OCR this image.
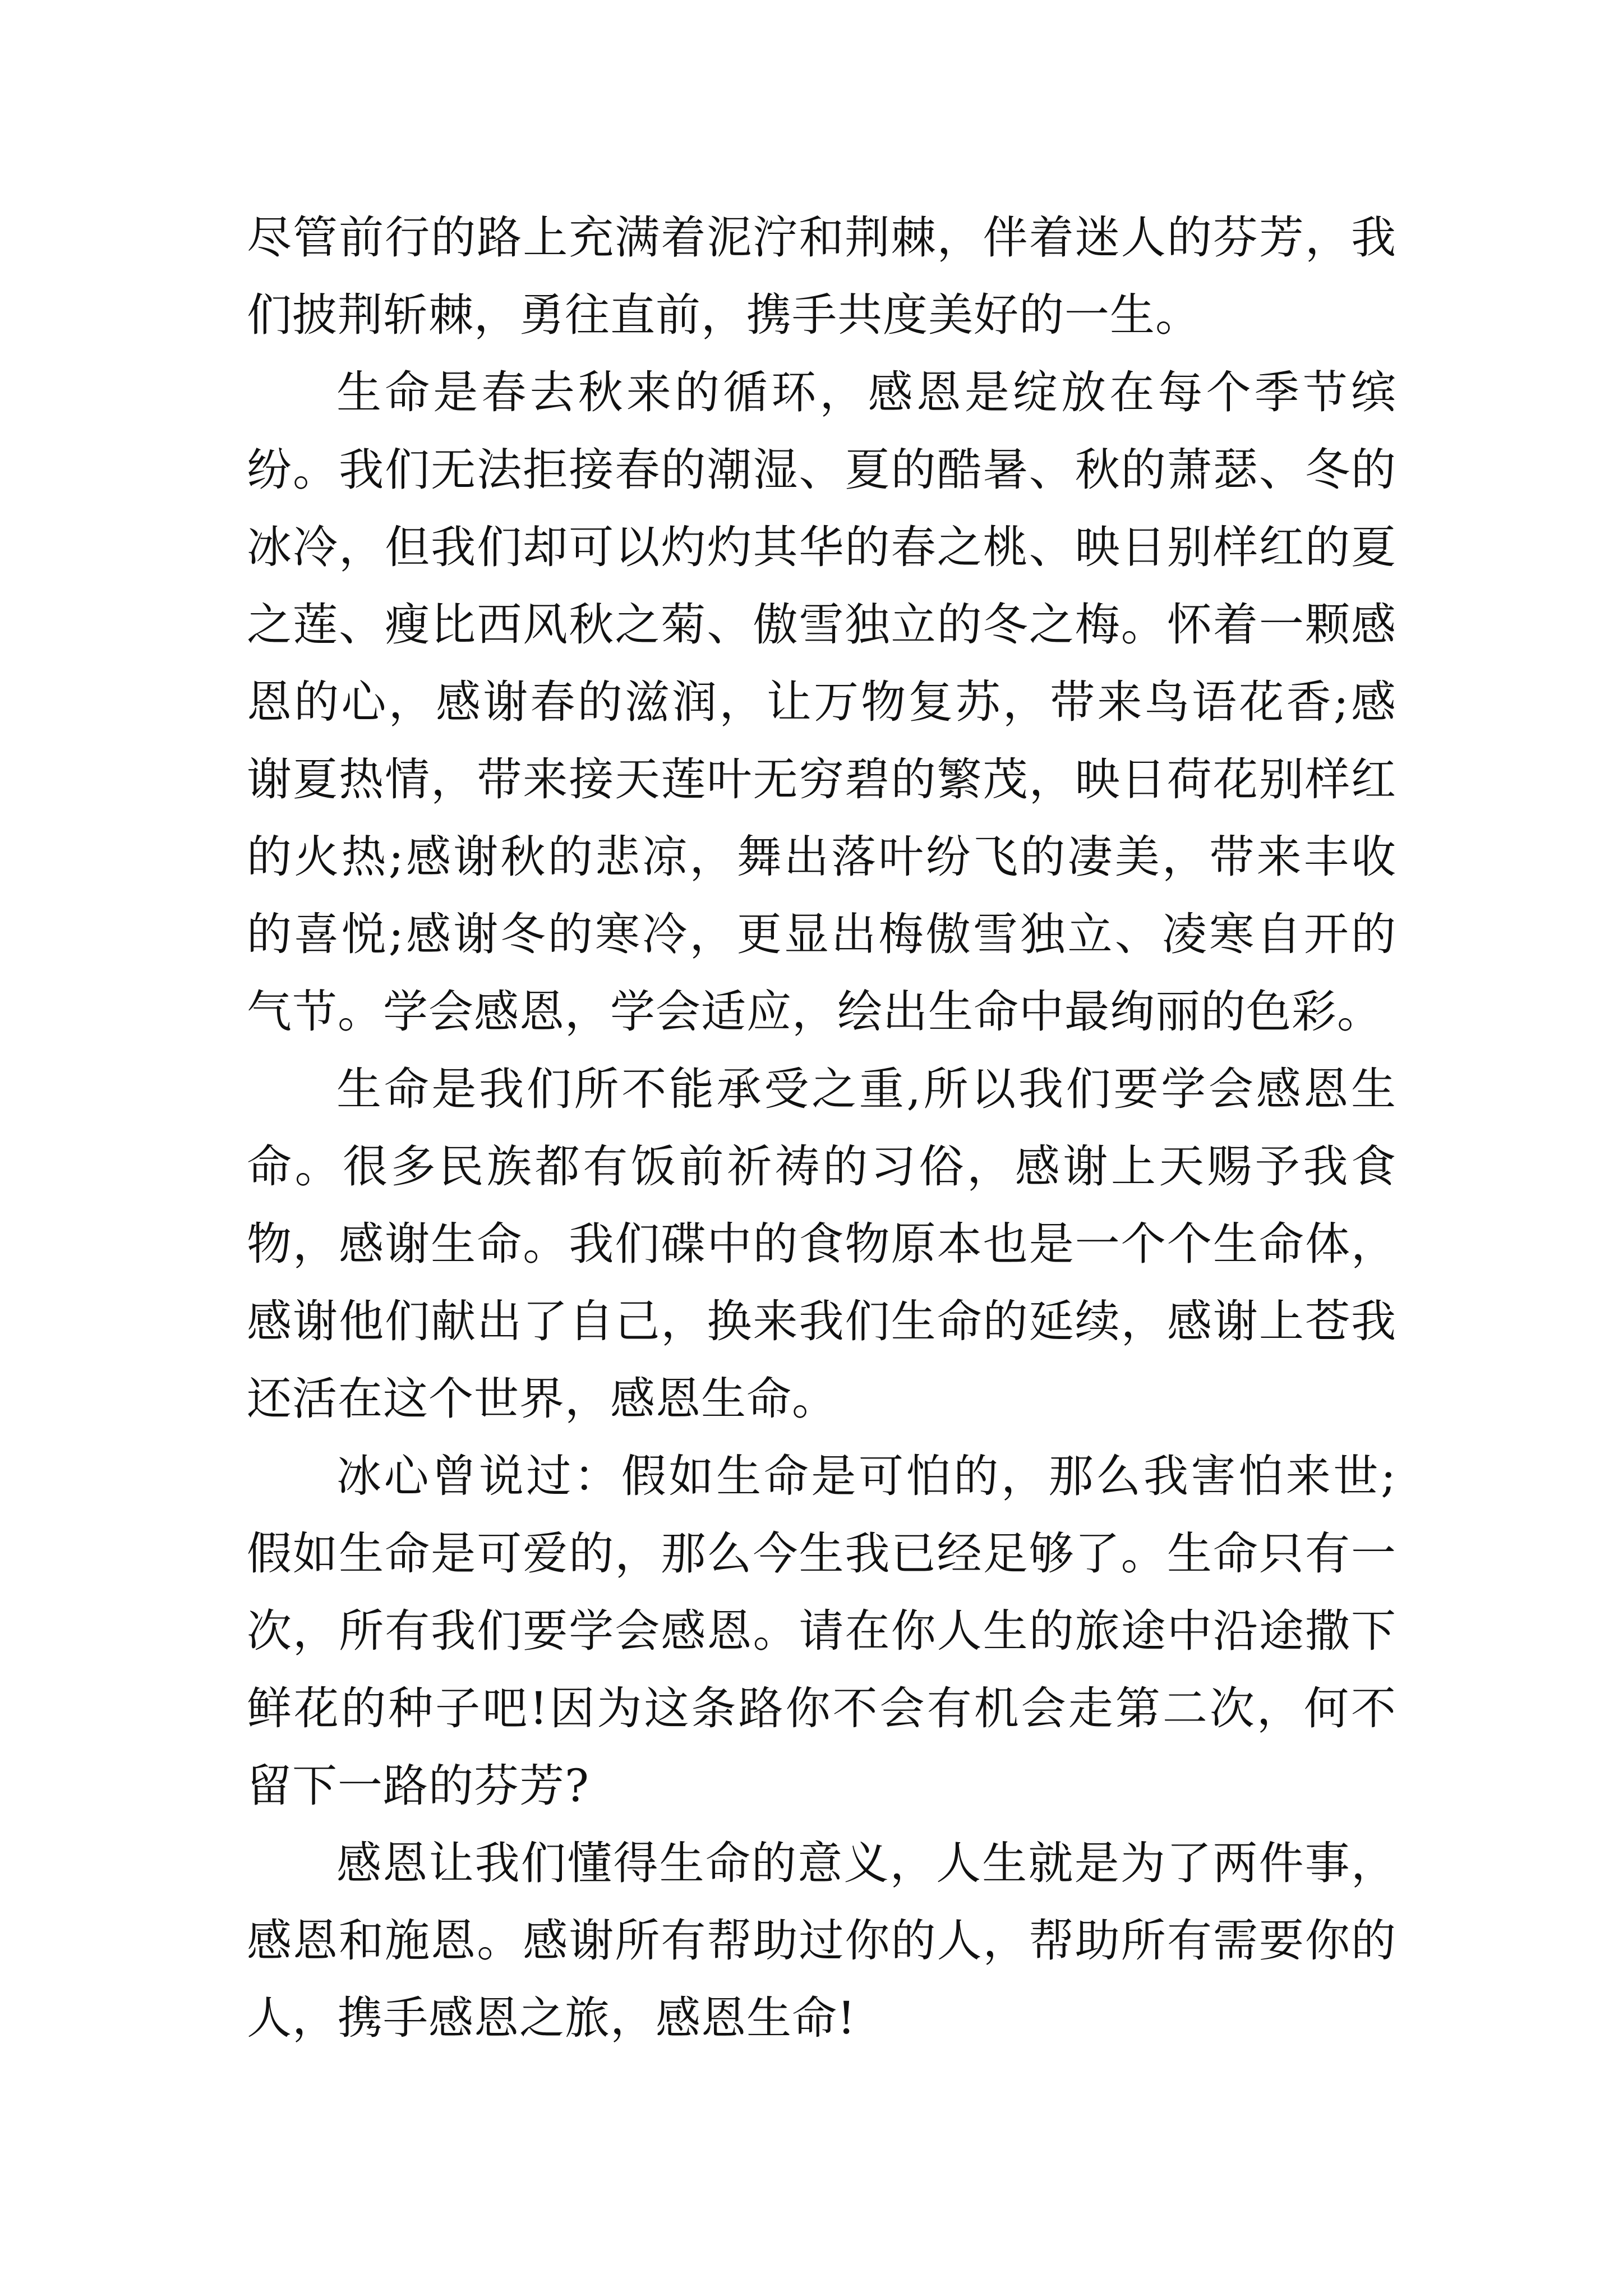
尽管前行的路上充满着泥泞和荆棘，伴着迷人的芬芳，我们披荆斩棘，勇往直前，携手共度美好的一生。

生命是春去秋来的循环，感恩是绽放在每个季节缤纷。我们无法拒接春的潮湿、夏的酷暑、秋的萧瑟、冬的冰冷，但我们却可以灼灼其华的春之桃、映日别样红的夏之莲、瘦比西风秋之菊、傲雪独立的冬之梅。怀着一颗感恩的心，感谢春的滋润，让万物复苏，带来鸟语花香;感谢夏热情，带来接天莲叶无穷碧的繁茂，映日荷花别样红的火热;感谢秋的悲凉，舞出落叶纷飞的凄美，带来丰收的喜悦;感谢冬的寒冷，更显出梅傲雪独立、凌寒自开的气节。学会感恩，学会适应，绘出生命中最绚丽的色彩。

生命是我们所不能承受之重,所以我们要学会感恩生命。很多民族都有饭前祈祷的习俗，感谢上天赐予我食物，感谢生命。我们碟中的食物原本也是一个个生命体，感谢他们献出了自己，换来我们生命的延续，感谢上苍我还活在这个世界，感恩生命。

冰心曾说过：假如生命是可怕的，那么我害怕来世;假如生命是可爱的，那么今生我已经足够了。生命只有一次，所有我们要学会感恩。请在你人生的旅途中沿途撒下鲜花的种子吧!因为这条路你不会有机会走第二次，何不留下一路的芬芳?

感恩让我们懂得生命的意义，人生就是为了两件事，感恩和施恩。感谢所有帮助过你的人，帮助所有需要你的人，携手感恩之旅，感恩生命!
